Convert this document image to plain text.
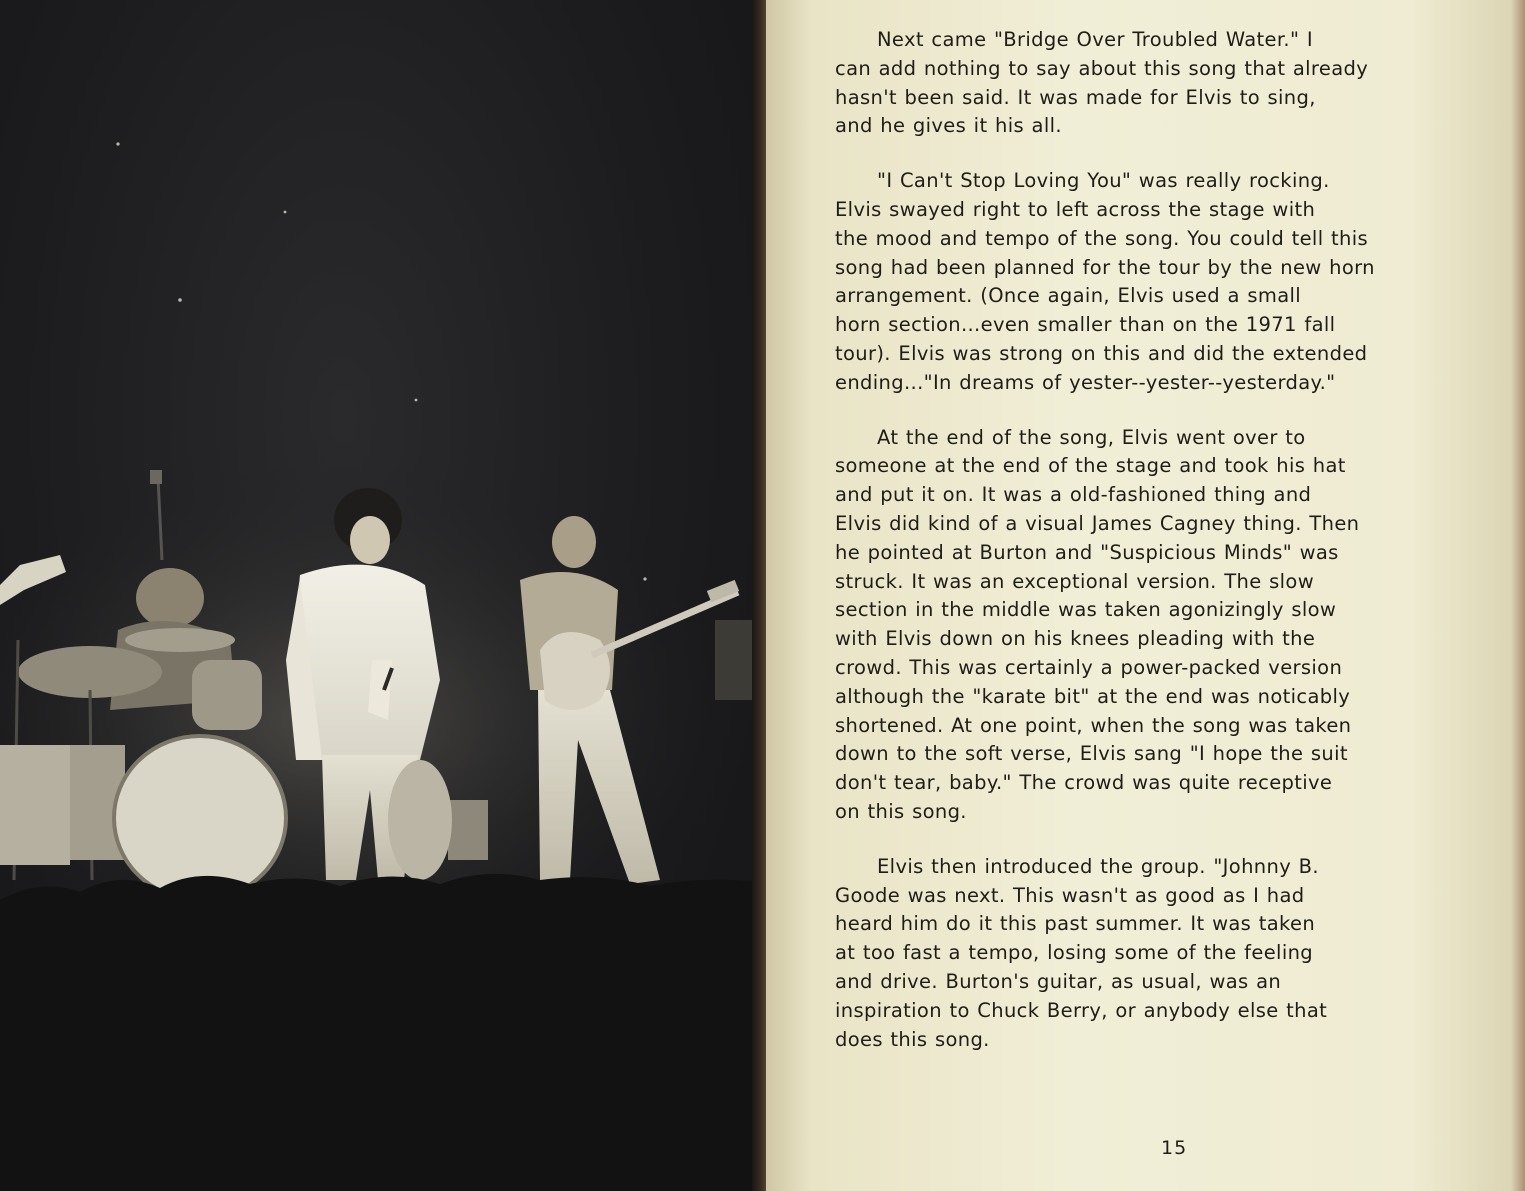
Next came "Bridge Over Troubled Water." I
can add nothing to say about this song that already
hasn't been said. It was made for Elvis to sing,
and he gives it his all.

"I Can't Stop Loving You" was really rocking.
Elvis swayed right to left across the stage with
the mood and tempo of the song. You could tell this
song had been planned for the tour by the new horn
arrangement. (Once again, Elvis used a small
horn section...even smaller than on the 1971 fall
tour). Elvis was strong on this and did the extended
ending..."In dreams of yester--yester--yesterday."

At the end of the song, Elvis went over to
someone at the end of the stage and took his hat
and put it on. It was a old-fashioned thing and
Elvis did kind of a visual James Cagney thing. Then
he pointed at Burton and "Suspicious Minds" was
struck. It was an exceptional version. The slow
section in the middle was taken agonizingly slow
with Elvis down on his knees pleading with the
crowd. This was certainly a power-packed version
although the "karate bit" at the end was noticably
shortened. At one point, when the song was taken
down to the soft verse, Elvis sang "I hope the suit
don't tear, baby." The crowd was quite receptive
on this song.

Elvis then introduced the group. "Johnny B.
Goode was next. This wasn't as good as I had
heard him do it this past summer. It was taken
at too fast a tempo, losing some of the feeling
and drive. Burton's guitar, as usual, was an
inspiration to Chuck Berry, or anybody else that
does this song.

15
